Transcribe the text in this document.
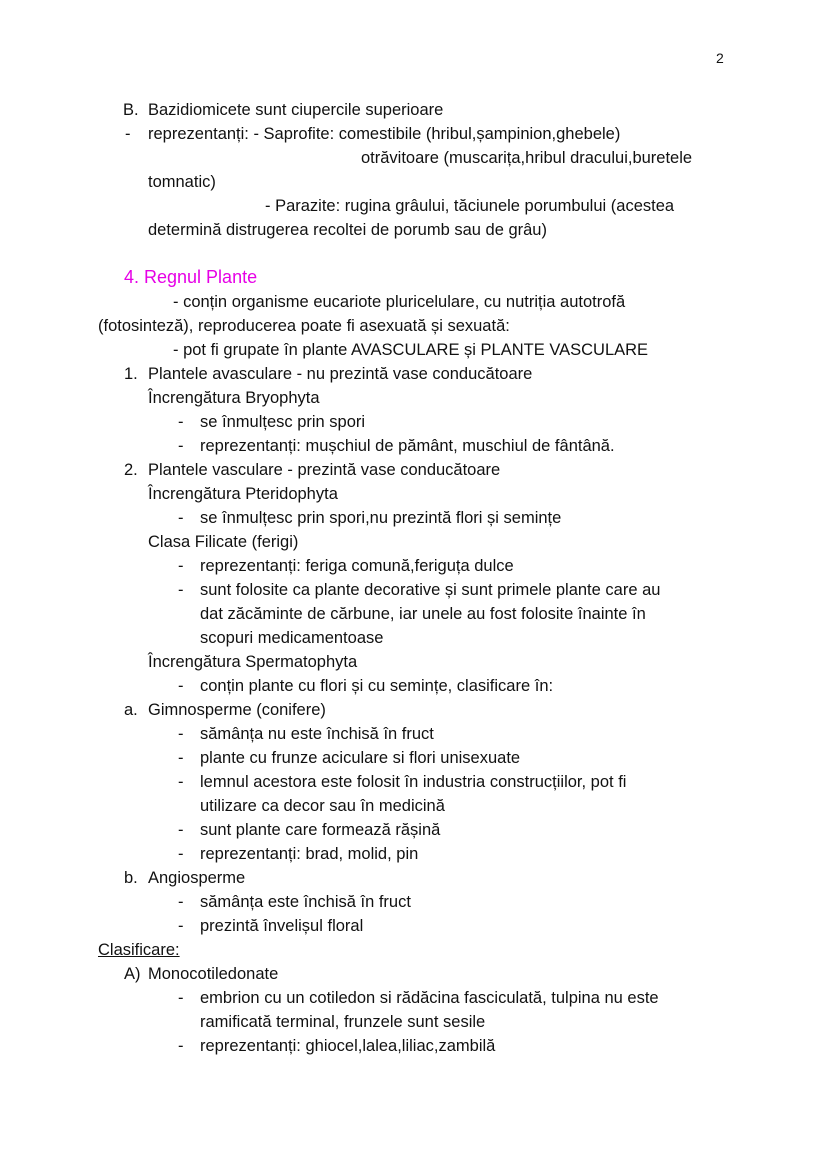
2
B. Bazidiomicete sunt ciupercile superioare
- reprezentanți: - Saprofite: comestibile (hribul,șampinion,ghebele)
otrăvitoare (muscarița,hribul dracului,buretele
tomnatic)
- Parazite: rugina grâului, tăciunele porumbului (acestea
determină distrugerea recoltei de porumb sau de grâu)
4. Regnul Plante
- conțin organisme eucariote pluricelulare, cu nutriția autotrofă
(fotosinteză), reproducerea poate fi asexuată și sexuată:
- pot fi grupate în plante AVASCULARE și PLANTE VASCULARE
1. Plantele avasculare - nu prezintă vase conducătoare
Încrengătura Bryophyta
- se înmulțesc prin spori
- reprezentanți: mușchiul de pământ, muschiul de fântână.
2. Plantele vasculare - prezintă vase conducătoare
Încrengătura Pteridophyta
- se înmulțesc prin spori,nu prezintă flori și semințe
Clasa Filicate (ferigi)
- reprezentanți: feriga comună,feriguța dulce
- sunt folosite ca plante decorative și sunt primele plante care au
dat zăcăminte de cărbune, iar unele au fost folosite înainte în
scopuri medicamentoase
Încrengătura Spermatophyta
- conțin plante cu flori și cu semințe, clasificare în:
a. Gimnosperme (conifere)
- sămânța nu este închisă în fruct
- plante cu frunze aciculare si flori unisexuate
- lemnul acestora este folosit în industria construcțiilor, pot fi
utilizare ca decor sau în medicină
- sunt plante care formează rășină
- reprezentanți: brad, molid, pin
b. Angiosperme
- sămânța este închisă în fruct
- prezintă învelișul floral
Clasificare:
A) Monocotiledonate
- embrion cu un cotiledon si rădăcina fasciculată, tulpina nu este
ramificată terminal, frunzele sunt sesile
- reprezentanți: ghiocel,lalea,liliac,zambilă
